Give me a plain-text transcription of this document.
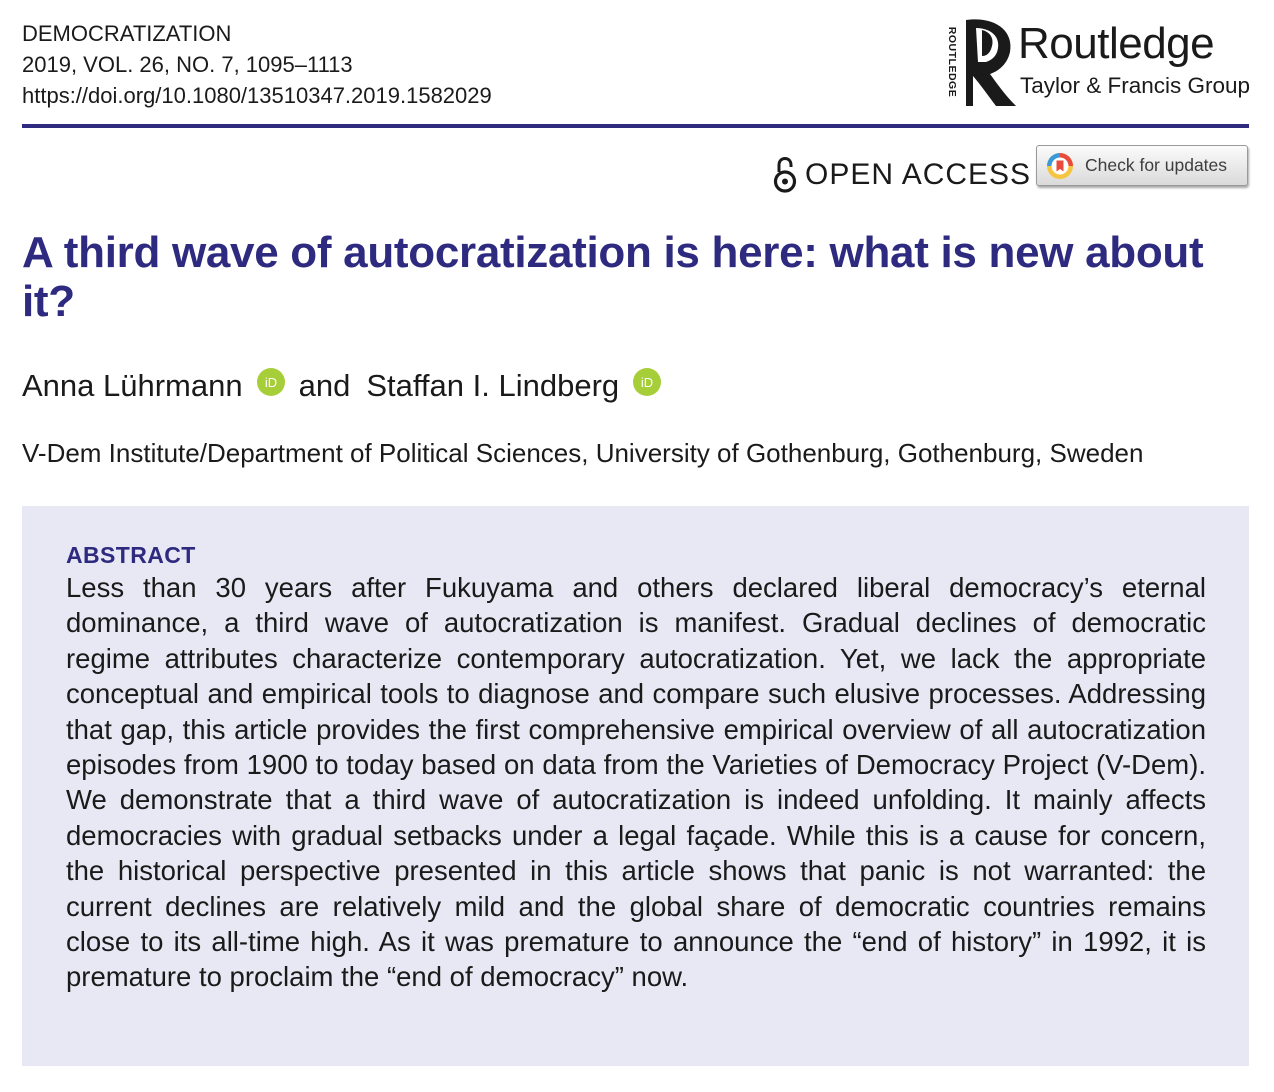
DEMOCRATIZATION
2019, VOL. 26, NO. 7, 1095–1113
https://doi.org/10.1080/13510347.2019.1582029	ROUTLEDGE Routledge
Taylor & Francis Group
OPEN ACCESS	Check for updates
A third wave of autocratization is here: what is new about it?
Anna Lührmann iD and Staffan I. Lindberg iD
V-Dem Institute/Department of Political Sciences, University of Gothenburg, Gothenburg, Sweden
ABSTRACT

Less than 30 years after Fukuyama and others declared liberal democracy’s eternal dominance, a third wave of autocratization is manifest. Gradual declines of democratic regime attributes characterize contemporary autocratization. Yet, we lack the appropriate conceptual and empirical tools to diagnose and compare such elusive processes. Addressing that gap, this article provides the first comprehensive empirical overview of all autocratization episodes from 1900 to today based on data from the Varieties of Democracy Project (V-Dem). We demonstrate that a third wave of autocratization is indeed unfolding. It mainly affects democracies with gradual setbacks under a legal façade. While this is a cause for concern, the historical perspective presented in this article shows that panic is not warranted: the current declines are relatively mild and the global share of democratic countries remains close to its all-time high. As it was premature to announce the “end of history” in 1992, it is premature to proclaim the “end of democracy” now.
